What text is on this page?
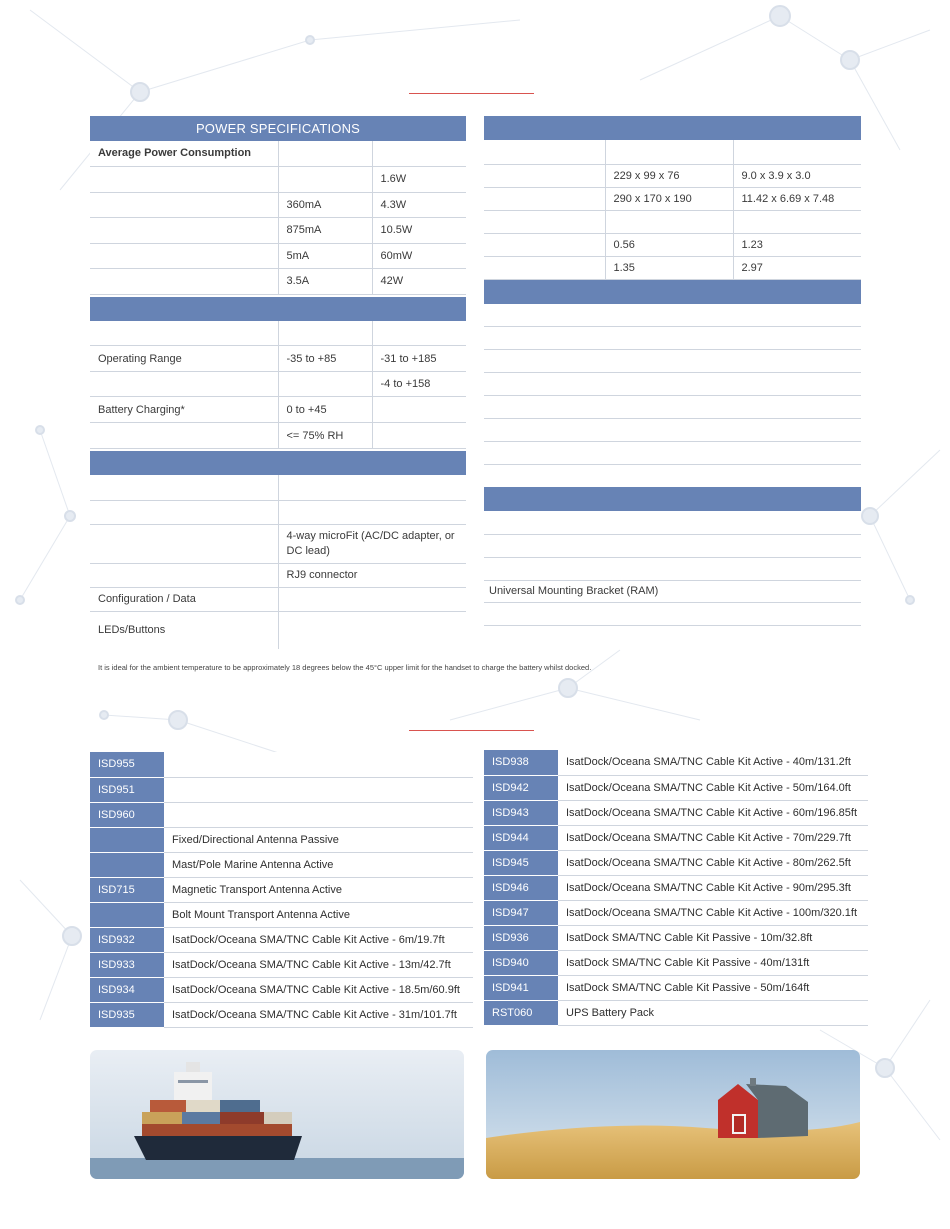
POWER SPECIFICATIONS		
Average Power Consumption		
		1.6W
	360mA	4.3W
	875mA	10.5W
	5mA	60mW
	3.5A	42W

Operating Range	-35 to +85	-31 to +185
		-4 to +158
Battery Charging*	0 to +45	
	<= 75% RH	

	4-way microFit (AC/DC adapter, or DC lead)
	RJ9 connector
Configuration / Data	
LEDs/Buttons	

	229 x 99 x 76	9.0 x 3.9 x 3.0
	290 x 170 x 190	11.42 x 6.69 x 7.48

	0.56	1.23
	1.35	2.97

Universal Mounting Bracket (RAM)

It is ideal for the ambient temperature to be approximately 18 degrees below the 45°C upper limit for the handset to charge the battery whilst docked.
ISD955	
ISD951	
ISD960	
	Fixed/Directional Antenna Passive
	Mast/Pole Marine Antenna Active
ISD715	Magnetic Transport Antenna Active
	Bolt Mount Transport Antenna Active
ISD932	IsatDock/Oceana SMA/TNC Cable Kit Active - 6m/19.7ft
ISD933	IsatDock/Oceana SMA/TNC Cable Kit Active - 13m/42.7ft
ISD934	IsatDock/Oceana SMA/TNC Cable Kit Active - 18.5m/60.9ft
ISD935	IsatDock/Oceana SMA/TNC Cable Kit Active - 31m/101.7ft
ISD938	IsatDock/Oceana SMA/TNC Cable Kit Active - 40m/131.2ft
ISD942	IsatDock/Oceana SMA/TNC Cable Kit Active - 50m/164.0ft
ISD943	IsatDock/Oceana SMA/TNC Cable Kit Active - 60m/196.85ft
ISD944	IsatDock/Oceana SMA/TNC Cable Kit Active - 70m/229.7ft
ISD945	IsatDock/Oceana SMA/TNC Cable Kit Active - 80m/262.5ft
ISD946	IsatDock/Oceana SMA/TNC Cable Kit Active - 90m/295.3ft
ISD947	IsatDock/Oceana SMA/TNC Cable Kit Active - 100m/320.1ft
ISD936	IsatDock SMA/TNC Cable Kit Passive - 10m/32.8ft
ISD940	IsatDock SMA/TNC Cable Kit Passive - 40m/131ft
ISD941	IsatDock SMA/TNC Cable Kit Passive - 50m/164ft
RST060	UPS Battery Pack
